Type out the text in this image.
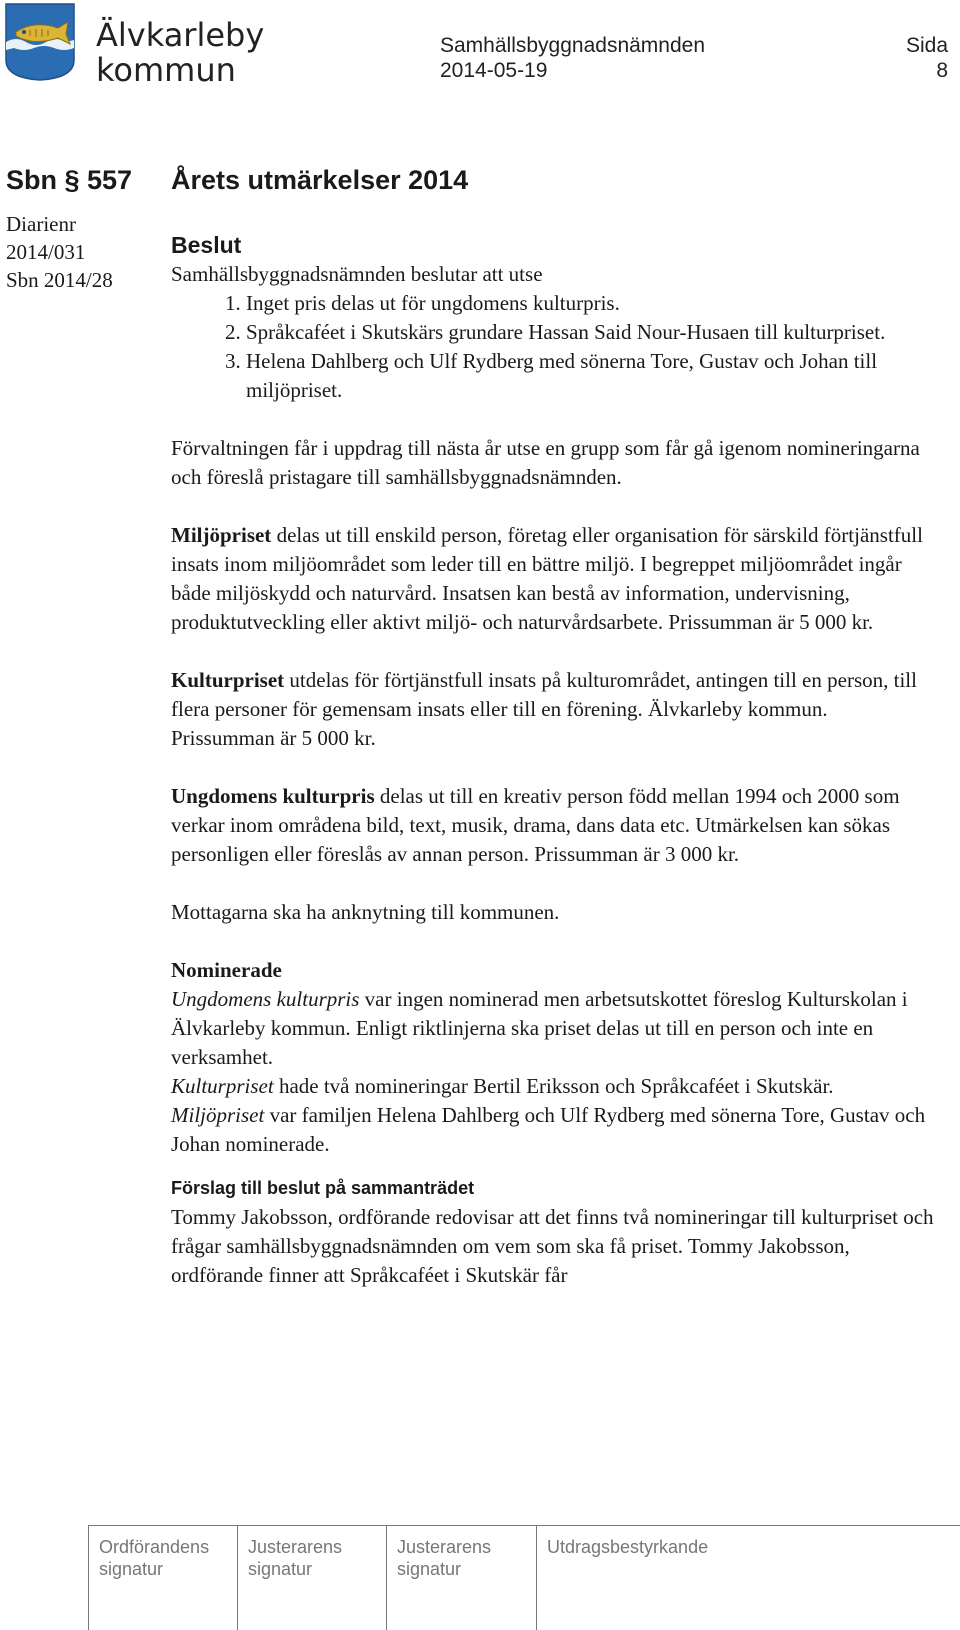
Älvkarleby
kommun
Samhällsbyggnadsnämnden	Sida
2014-05-19	8
Sbn § 557
Diarienr
2014/031
Sbn 2014/28
Årets utmärkelser 2014

Beslut

Samhällsbyggnadsnämnden beslutar att utse

1. Inget pris delas ut för ungdomens kulturpris.
2. Språkcaféet i Skutskärs grundare Hassan Said Nour-Husaen till kulturpriset.
3. Helena Dahlberg och Ulf Rydberg med sönerna Tore, Gustav och Johan till miljöpriset.

Förvaltningen får i uppdrag till nästa år utse en grupp som får gå igenom nomineringarna och föreslå pristagare till samhällsbyggnadsnämnden.

Miljöpriset delas ut till enskild person, företag eller organisation för särskild förtjänstfull insats inom miljöområdet som leder till en bättre miljö. I begreppet miljöområdet ingår både miljöskydd och naturvård. Insatsen kan bestå av information, undervisning, produktutveckling eller aktivt miljö- och naturvårdsarbete. Prissumman är 5 000 kr.

Kulturpriset utdelas för förtjänstfull insats på kulturområdet, antingen till en person, till flera personer för gemensam insats eller till en förening. Älvkarleby kommun. Prissumman är 5 000 kr.

Ungdomens kulturpris delas ut till en kreativ person född mellan 1994 och 2000 som verkar inom områdena bild, text, musik, drama, dans data etc. Utmärkelsen kan sökas personligen eller föreslås av annan person. Prissumman är 3 000 kr.

Mottagarna ska ha anknytning till kommunen.

Nominerade

Ungdomens kulturpris var ingen nominerad men arbetsutskottet föreslog Kulturskolan i Älvkarleby kommun. Enligt riktlinjerna ska priset delas ut till en person och inte en verksamhet.

Kulturpriset hade två nomineringar Bertil Eriksson och Språkcaféet i Skutskär.

Miljöpriset var familjen Helena Dahlberg och Ulf Rydberg med sönerna Tore, Gustav och Johan nominerade.

Förslag till beslut på sammanträdet

Tommy Jakobsson, ordförande redovisar att det finns två nomineringar till kulturpriset och frågar samhällsbyggnadsnämnden om vem som ska få priset. Tommy Jakobsson, ordförande finner att Språkcaféet i Skutskär får

Ordförandens
signatur
Justerarens
signatur
Justerarens
signatur
Utdragsbestyrkande
